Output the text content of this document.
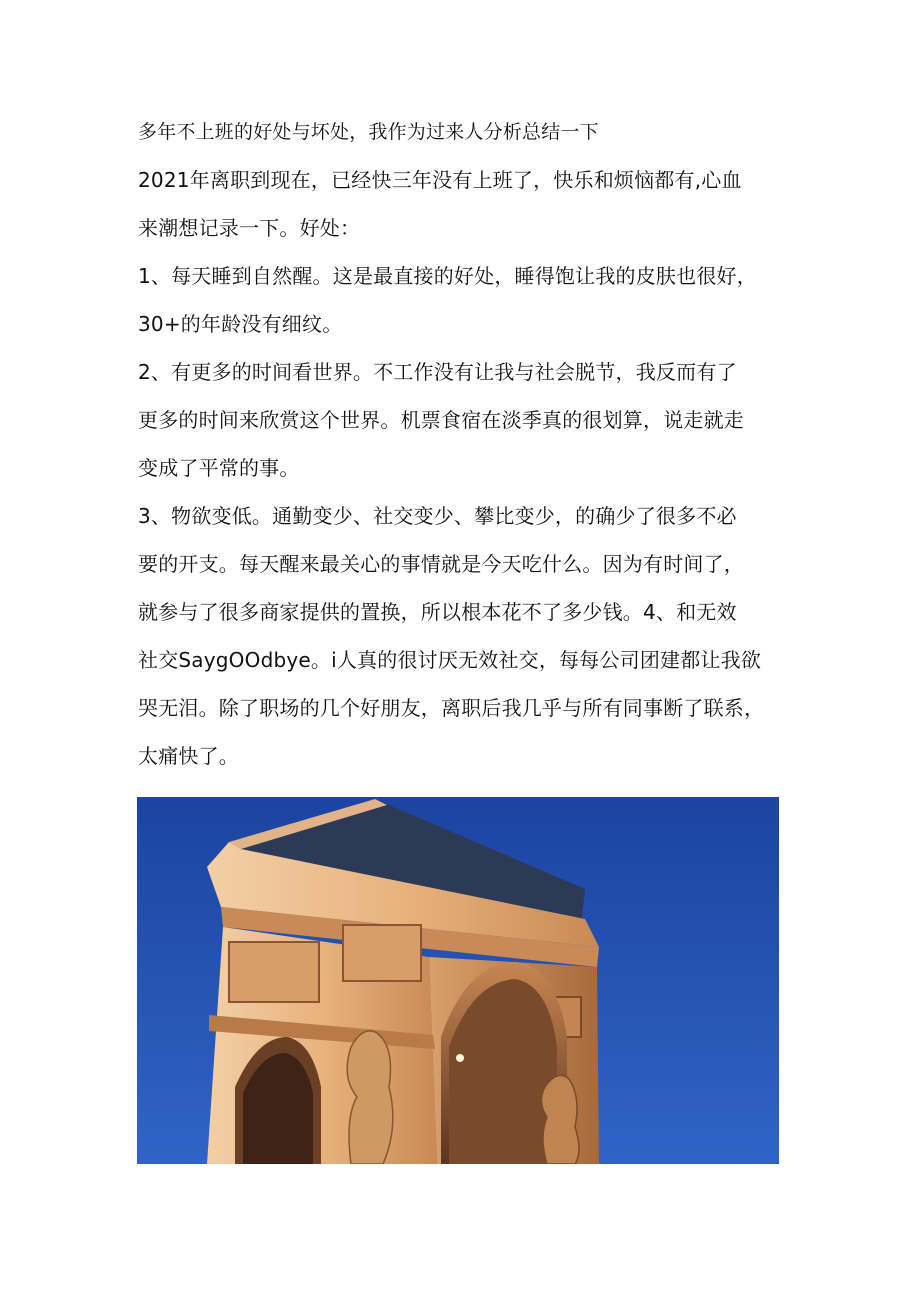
多年不上班的好处与坏处，我作为过来人分析总结一下
2021年离职到现在，已经快三年没有上班了，快乐和烦恼都有,心血
来潮想记录一下。好处：
1、每天睡到自然醒。这是最直接的好处，睡得饱让我的皮肤也很好，
30+的年龄没有细纹。
2、有更多的时间看世界。不工作没有让我与社会脱节，我反而有了
更多的时间来欣赏这个世界。机票食宿在淡季真的很划算，说走就走
变成了平常的事。
3、物欲变低。通勤变少、社交变少、攀比变少，的确少了很多不必
要的开支。每天醒来最关心的事情就是今天吃什么。因为有时间了，
就参与了很多商家提供的置换，所以根本花不了多少钱。4、和无效
社交SaygOOdbye。i人真的很讨厌无效社交，每每公司团建都让我欲
哭无泪。除了职场的几个好朋友，离职后我几乎与所有同事断了联系，
太痛快了。
